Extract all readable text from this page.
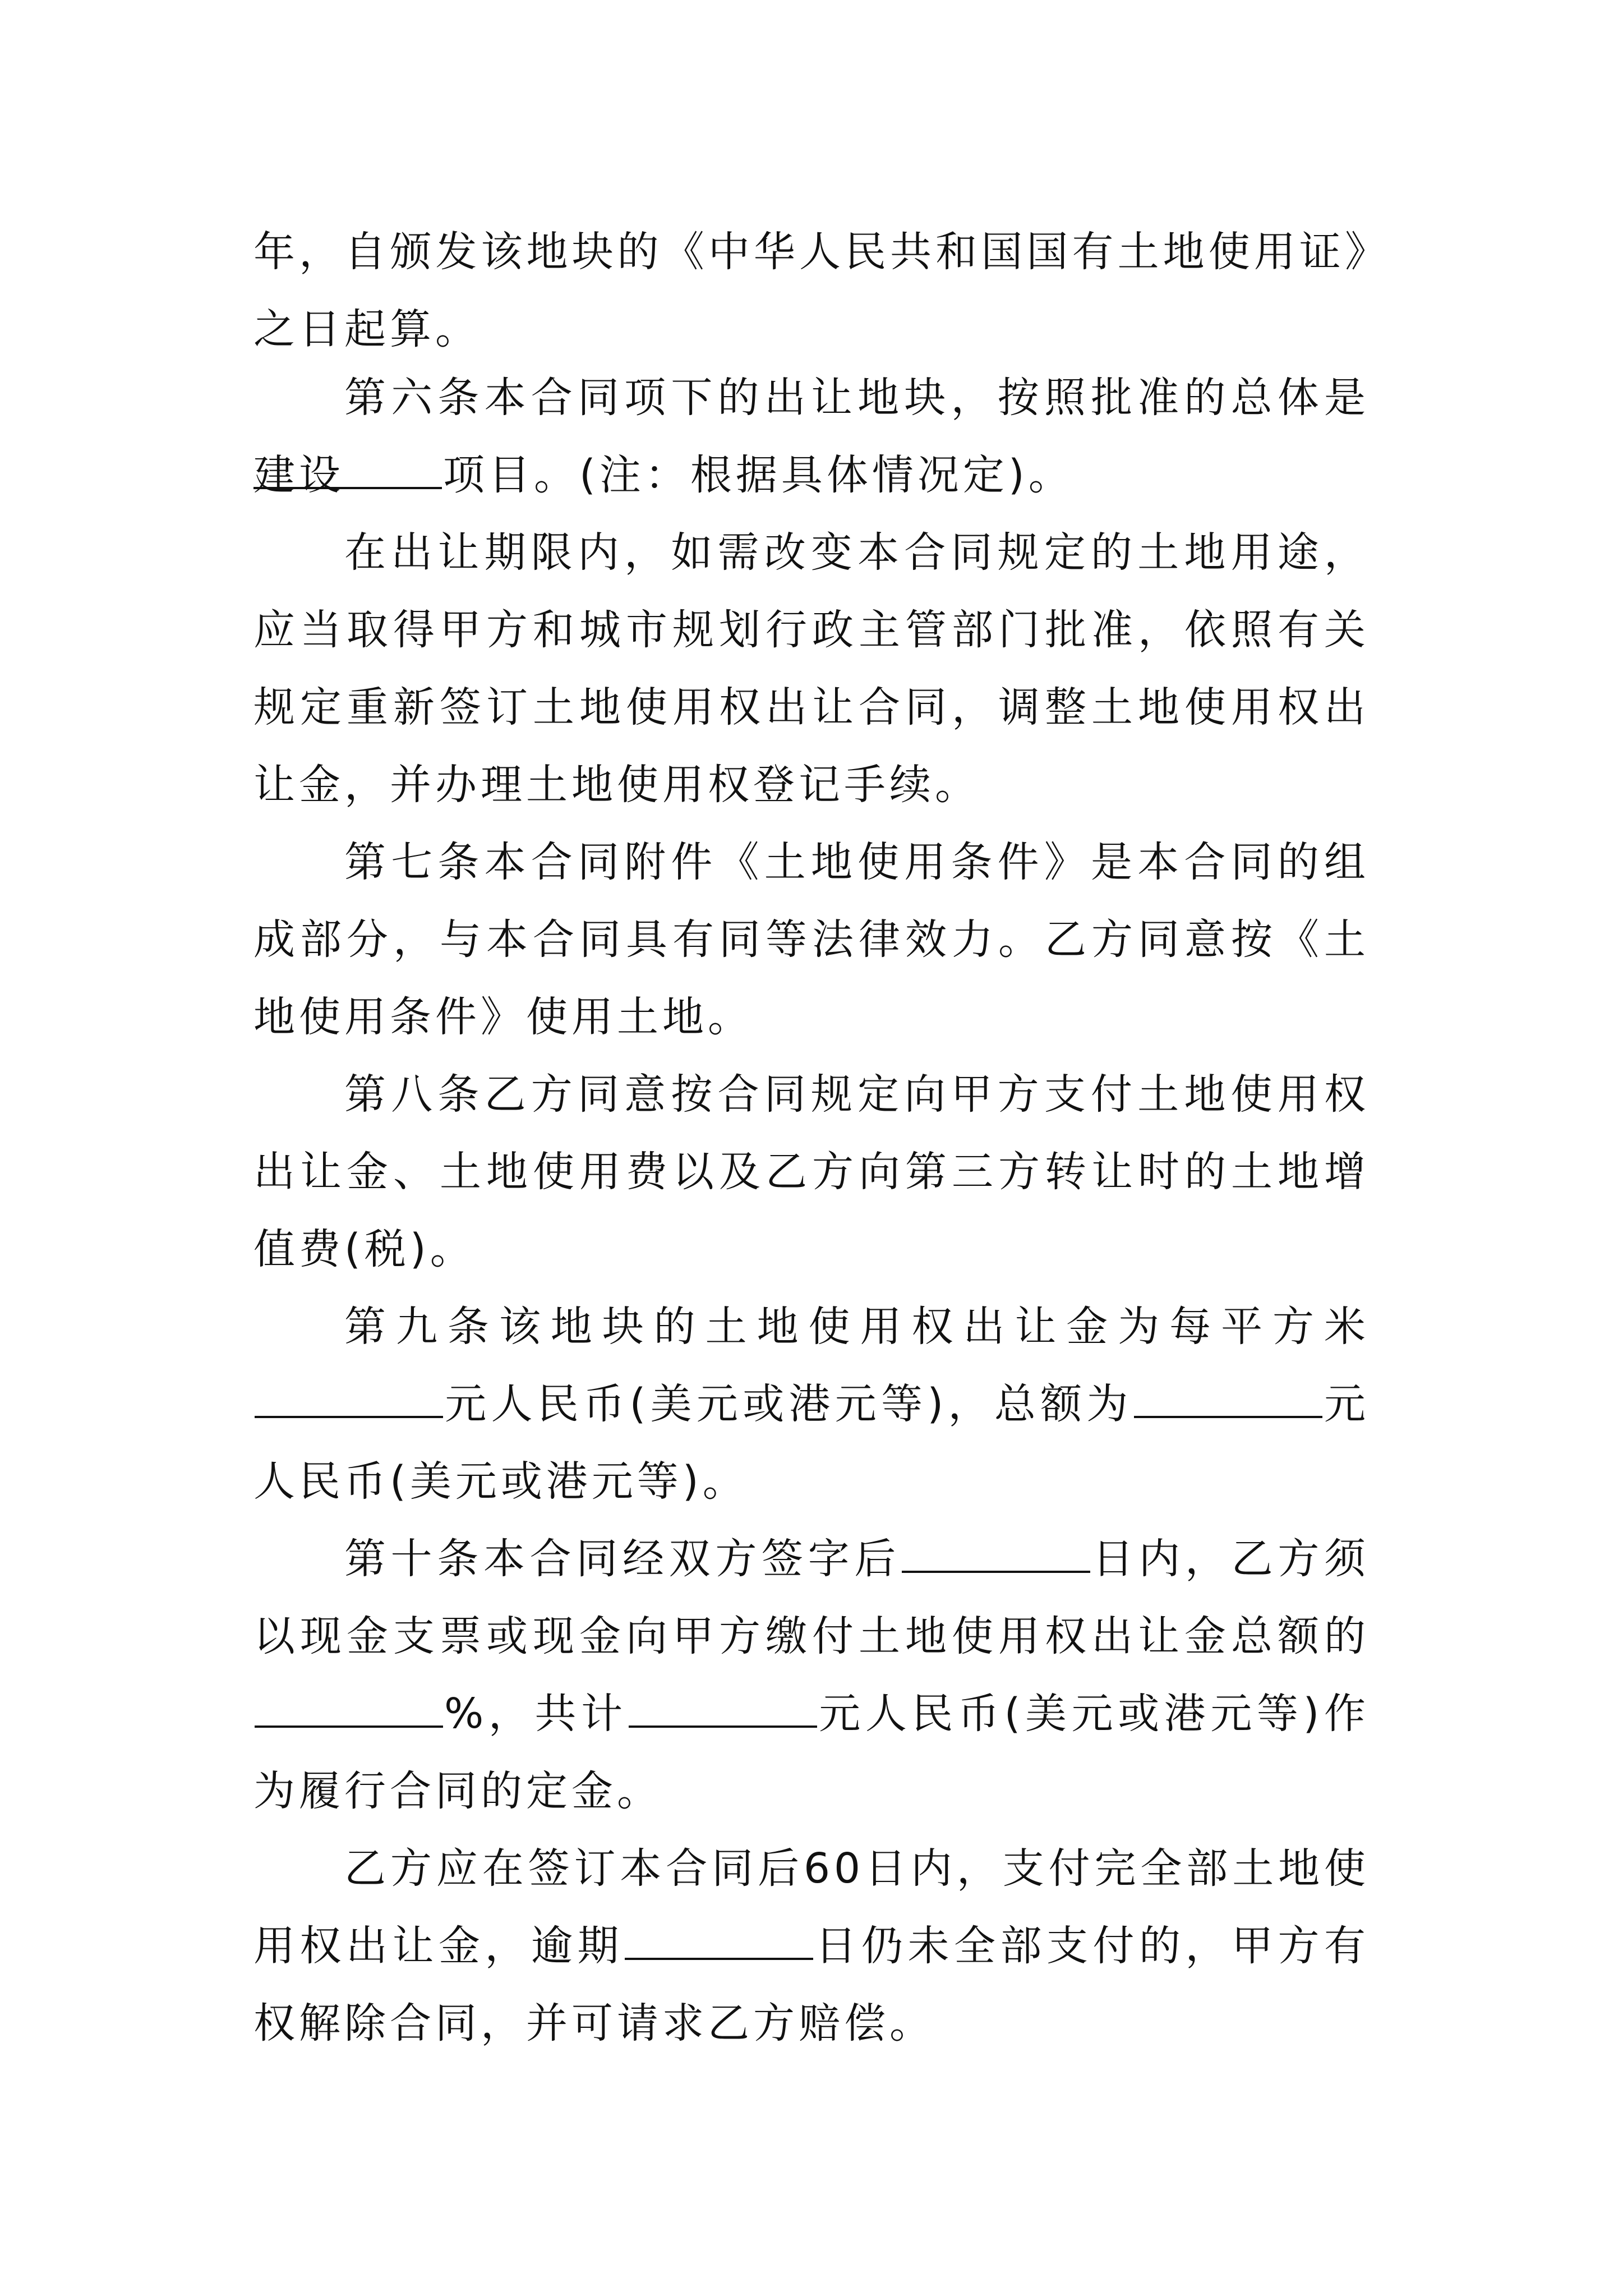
年，自颁发该地块的《中华人民共和国国有土地使用证》之日起算。

第六条本合同项下的出让地块，按照批准的总体是建设	项目。(注：根据具体情况定)。

在出让期限内，如需改变本合同规定的土地用途，应当取得甲方和城市规划行政主管部门批准，依照有关规定重新签订土地使用权出让合同，调整土地使用权出让金，并办理土地使用权登记手续。

第七条本合同附件《土地使用条件》是本合同的组成部分，与本合同具有同等法律效力。乙方同意按《土地使用条件》使用土地。

第八条乙方同意按合同规定向甲方支付土地使用权出让金、土地使用费以及乙方向第三方转让时的土地增值费(税)。

第九条该地块的土地使用权出让金为每平方米元人民币(美元或港元等)，总额为	元人民币(美元或港元等)。

第十条本合同经双方签字后	日内，乙方须以现金支票或现金向甲方缴付土地使用权出让金总额的%，共计	元人民币(美元或港元等)作为履行合同的定金。

乙方应在签订本合同后60日内，支付完全部土地使用权出让金，逾期	日仍未全部支付的，甲方有权解除合同，并可请求乙方赔偿。
